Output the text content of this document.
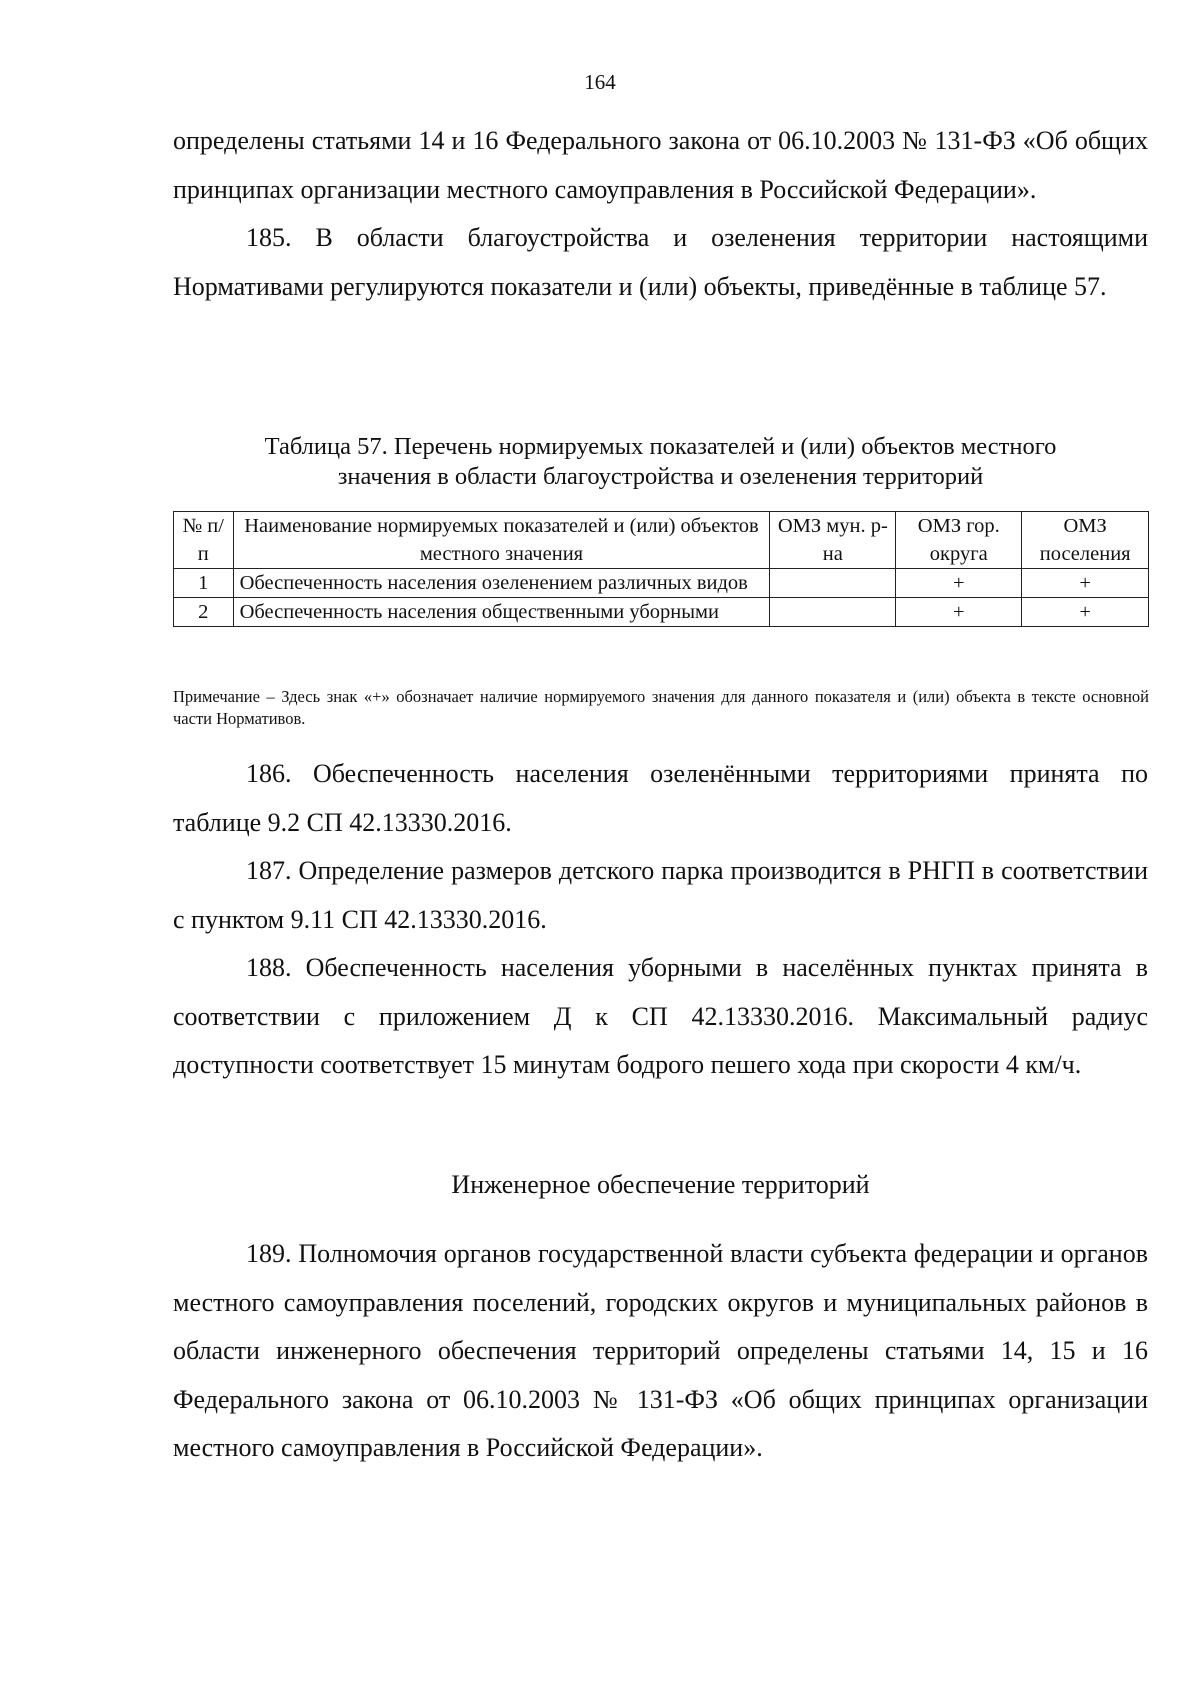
164

определены статьями 14 и 16 Федерального закона от 06.10.2003 № 131-ФЗ «Об общих принципах организации местного самоуправления в Российской Федерации».

185. В области благоустройства и озеленения территории настоящими Нормативами регулируются показатели и (или) объекты, приведённые в таблице 57.

Таблица 57. Перечень нормируемых показателей и (или) объектов местного
значения в области благоустройства и озеленения территорий
№ п/п	Наименование нормируемых показателей и (или) объектов местного значения	ОМЗ мун. р-на	ОМЗ гор. округа	ОМЗ поселения
1	Обеспеченность населения озеленением различных видов		+	+
2	Обеспеченность населения общественными уборными		+	+
Примечание – Здесь знак «+» обозначает наличие нормируемого значения для данного показателя и (или) объекта в тексте основной части Нормативов.

186. Обеспеченность населения озеленёнными территориями принята по таблице 9.2 СП 42.13330.2016.

187. Определение размеров детского парка производится в РНГП в соответствии с пунктом 9.11 СП 42.13330.2016.

188. Обеспеченность населения уборными в населённых пунктах принята в соответствии с приложением Д к СП 42.13330.2016. Максимальный радиус доступности соответствует 15 минутам бодрого пешего хода при скорости 4 км/ч.

Инженерное обеспечение территорий

189. Полномочия органов государственной власти субъекта федерации и органов местного самоуправления поселений, городских округов и муниципальных районов в области инженерного обеспечения территорий определены статьями 14, 15 и 16 Федерального закона от 06.10.2003 № 131-ФЗ «Об общих принципах организации местного самоуправления в Российской Федерации».
